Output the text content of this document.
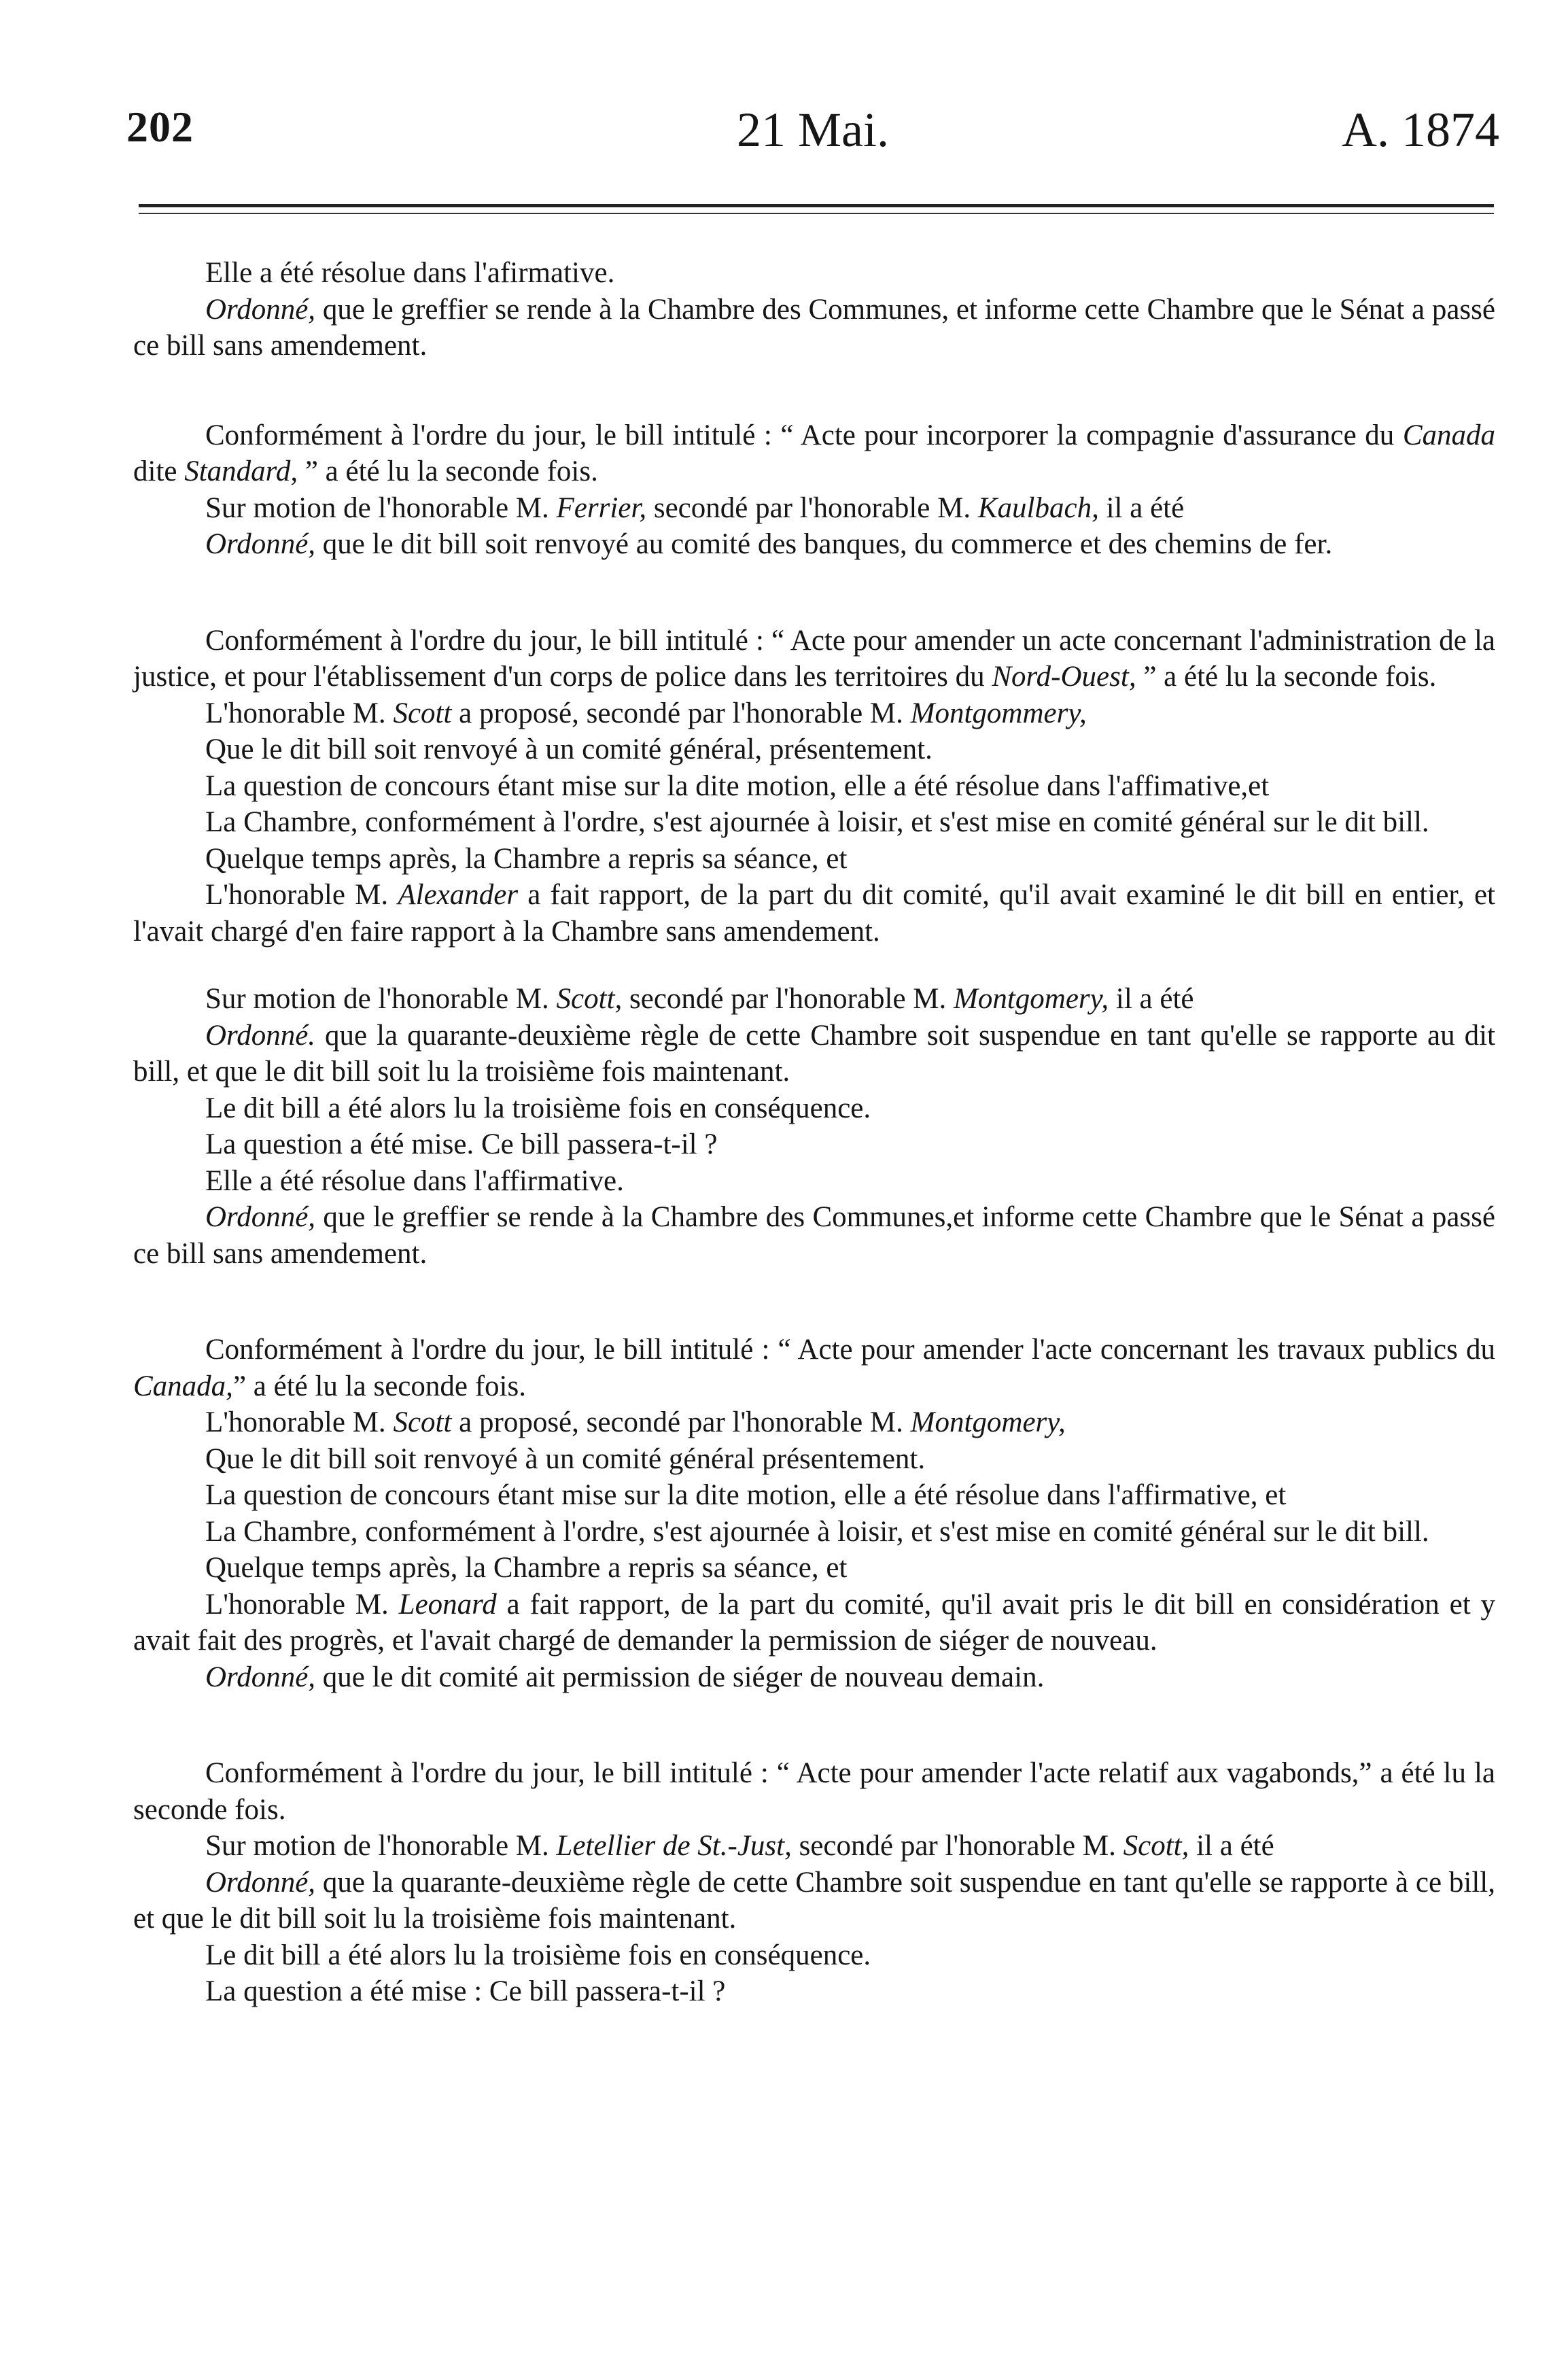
202	21 Mai.	A. 1874

Elle a été résolue dans l'afirmative.

Ordonné, que le greffier se rende à la Chambre des Communes, et informe cette Chambre que le Sénat a passé ce bill sans amendement.

Conformément à l'ordre du jour, le bill intitulé : “ Acte pour incorporer la compagnie d'assurance du Canada dite Standard, ” a été lu la seconde fois.

Sur motion de l'honorable M. Ferrier, secondé par l'honorable M. Kaulbach, il a été

Ordonné, que le dit bill soit renvoyé au comité des banques, du commerce et des chemins de fer.

Conformément à l'ordre du jour, le bill intitulé : “ Acte pour amender un acte concernant l'administration de la justice, et pour l'établissement d'un corps de police dans les territoires du Nord-Ouest, ” a été lu la seconde fois.

L'honorable M. Scott a proposé, secondé par l'honorable M. Montgommery,

Que le dit bill soit renvoyé à un comité général, présentement.

La question de concours étant mise sur la dite motion, elle a été résolue dans l'affimative,et

La Chambre, conformément à l'ordre, s'est ajournée à loisir, et s'est mise en comité général sur le dit bill.

Quelque temps après, la Chambre a repris sa séance, et

L'honorable M. Alexander a fait rapport, de la part du dit comité, qu'il avait examiné le dit bill en entier, et l'avait chargé d'en faire rapport à la Chambre sans amendement.

Sur motion de l'honorable M. Scott, secondé par l'honorable M. Montgomery, il a été

Ordonné. que la quarante-deuxième règle de cette Chambre soit suspendue en tant qu'elle se rapporte au dit bill, et que le dit bill soit lu la troisième fois maintenant.

Le dit bill a été alors lu la troisième fois en conséquence.

La question a été mise. Ce bill passera-t-il ?

Elle a été résolue dans l'affirmative.

Ordonné, que le greffier se rende à la Chambre des Communes,et informe cette Chambre que le Sénat a passé ce bill sans amendement.

Conformément à l'ordre du jour, le bill intitulé : “ Acte pour amender l'acte concernant les travaux publics du Canada,” a été lu la seconde fois.

L'honorable M. Scott a proposé, secondé par l'honorable M. Montgomery,

Que le dit bill soit renvoyé à un comité général présentement.

La question de concours étant mise sur la dite motion, elle a été résolue dans l'affirmative, et

La Chambre, conformément à l'ordre, s'est ajournée à loisir, et s'est mise en comité général sur le dit bill.

Quelque temps après, la Chambre a repris sa séance, et

L'honorable M. Leonard a fait rapport, de la part du comité, qu'il avait pris le dit bill en considération et y avait fait des progrès, et l'avait chargé de demander la permission de siéger de nouveau.

Ordonné, que le dit comité ait permission de siéger de nouveau demain.

Conformément à l'ordre du jour, le bill intitulé : “ Acte pour amender l'acte relatif aux vagabonds,” a été lu la seconde fois.

Sur motion de l'honorable M. Letellier de St.-Just, secondé par l'honorable M. Scott, il a été

Ordonné, que la quarante-deuxième règle de cette Chambre soit suspendue en tant qu'elle se rapporte à ce bill, et que le dit bill soit lu la troisième fois maintenant.

Le dit bill a été alors lu la troisième fois en conséquence.

La question a été mise : Ce bill passera-t-il ?
